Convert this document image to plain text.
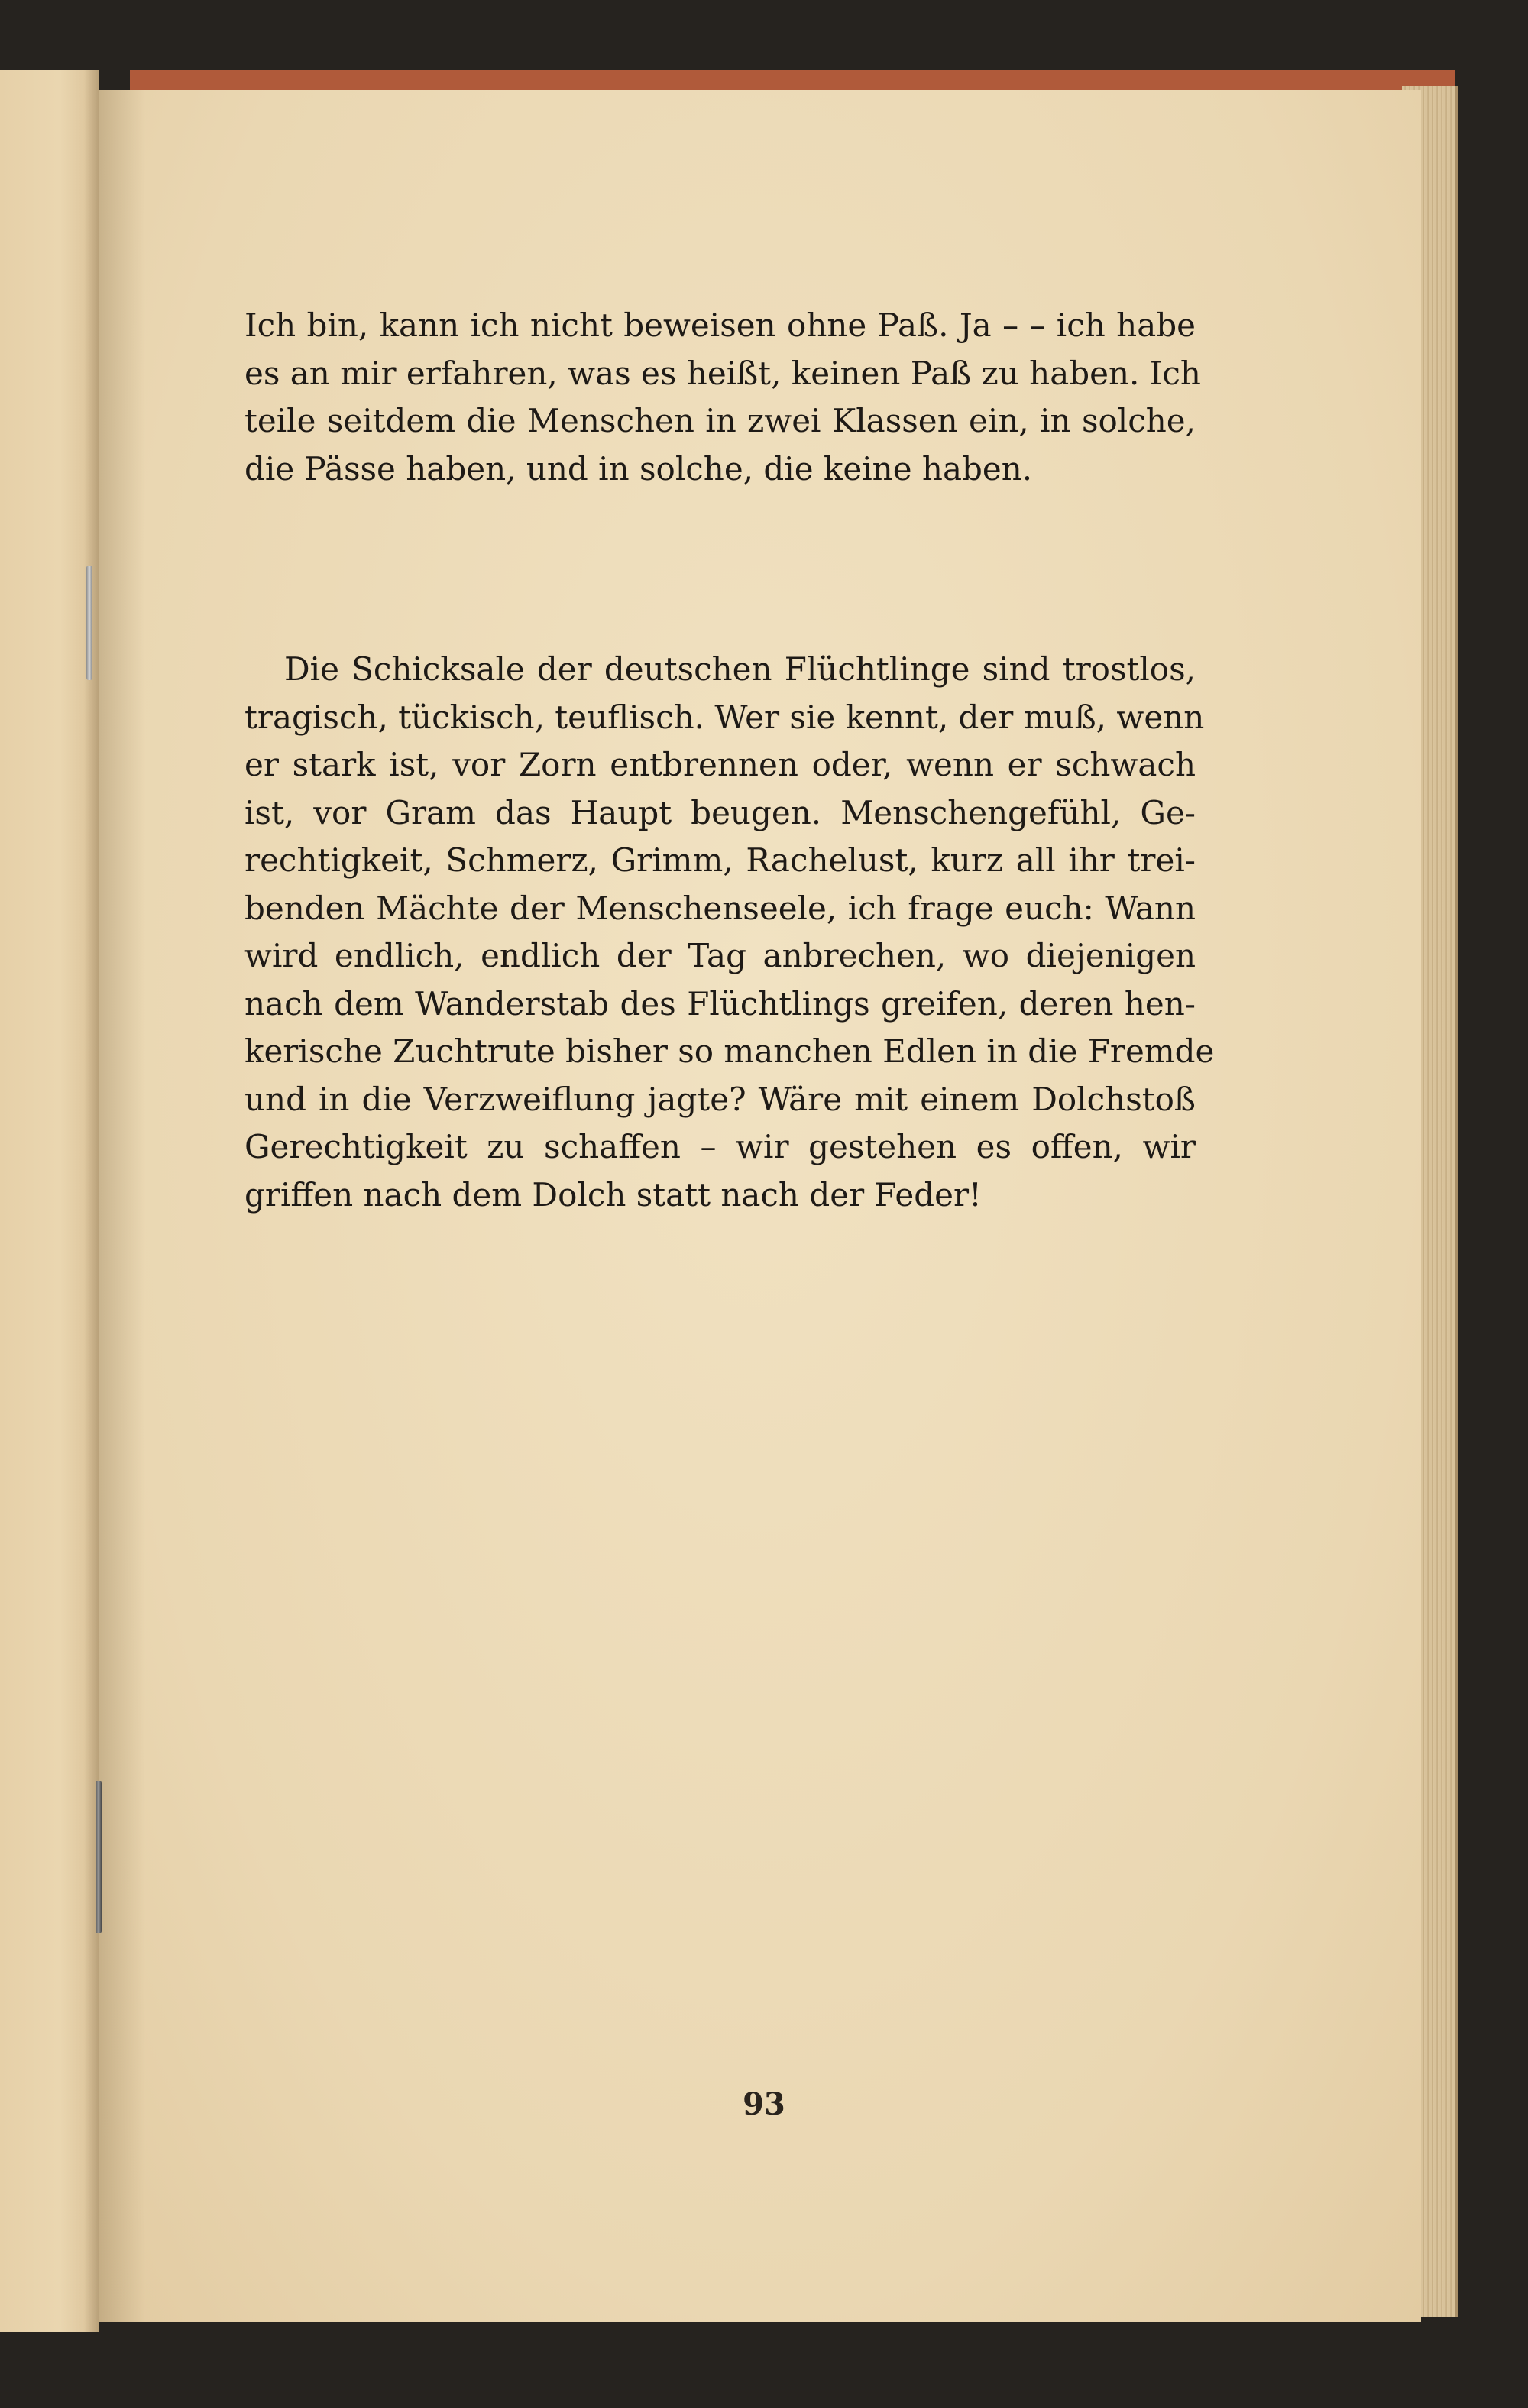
Ich bin, kann ich nicht beweisen ohne Paß. Ja – – ich habe
es an mir erfahren, was es heißt, keinen Paß zu haben. Ich
teile seitdem die Menschen in zwei Klassen ein, in solche,
die Pässe haben, und in solche, die keine haben.
Die Schicksale der deutschen Flüchtlinge sind trostlos,
tragisch, tückisch, teuflisch. Wer sie kennt, der muß, wenn
er stark ist, vor Zorn entbrennen oder, wenn er schwach
ist, vor Gram das Haupt beugen. Menschengefühl, Ge-
rechtigkeit, Schmerz, Grimm, Rachelust, kurz all ihr trei-
benden Mächte der Menschenseele, ich frage euch: Wann
wird endlich, endlich der Tag anbrechen, wo diejenigen
nach dem Wanderstab des Flüchtlings greifen, deren hen-
kerische Zuchtrute bisher so manchen Edlen in die Fremde
und in die Verzweiflung jagte? Wäre mit einem Dolchstoß
Gerechtigkeit zu schaffen – wir gestehen es offen, wir
griffen nach dem Dolch statt nach der Feder!
93
